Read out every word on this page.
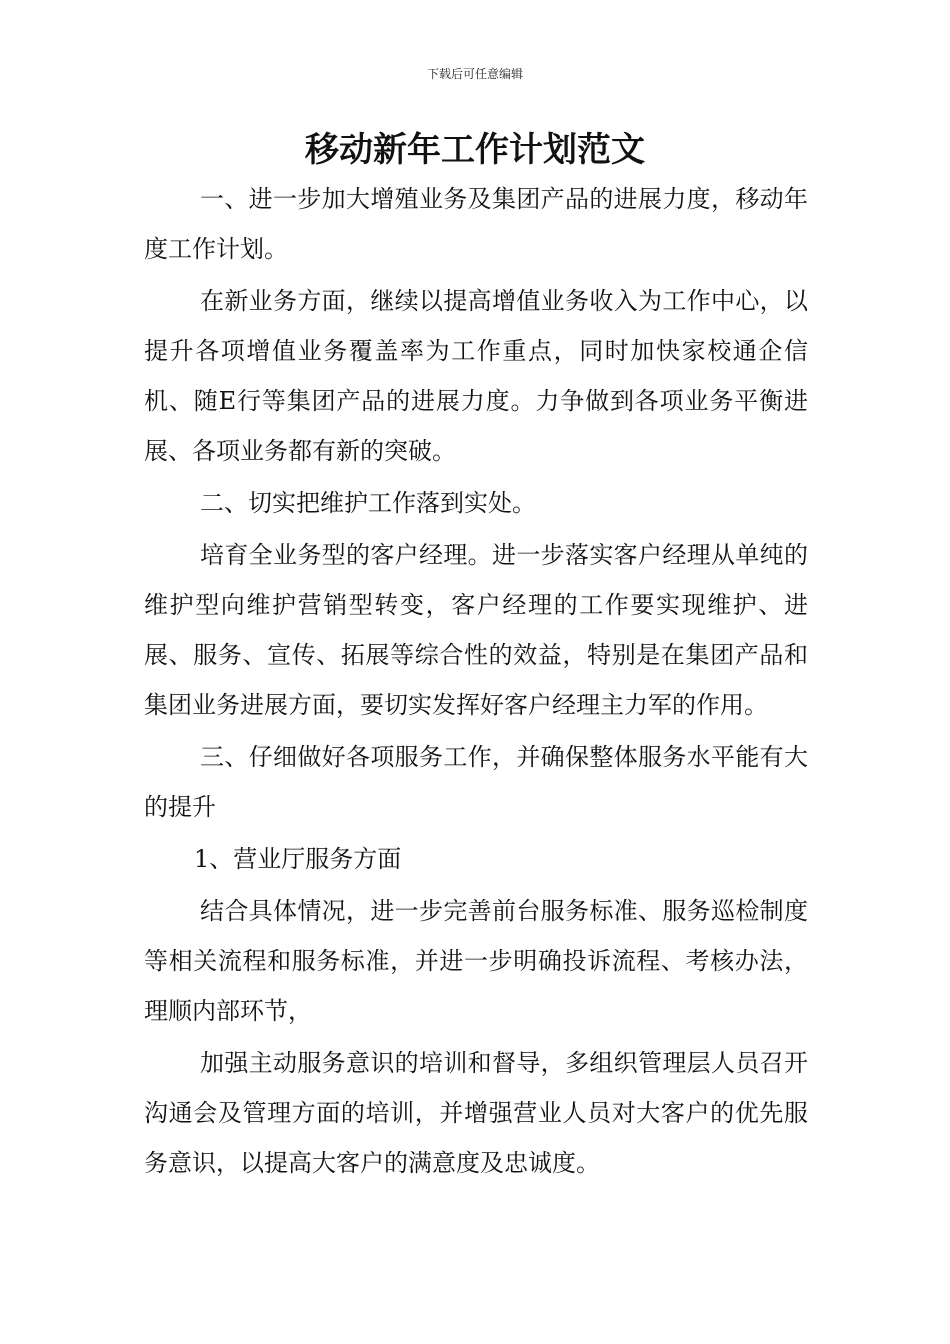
下载后可任意编辑
移动新年工作计划范文

一、进一步加大增殖业务及集团产品的进展力度，移动年度工作计划。

在新业务方面，继续以提高增值业务收入为工作中心，以提升各项增值业务覆盖率为工作重点，同时加快家校通企信机、随E行等集团产品的进展力度。力争做到各项业务平衡进展、各项业务都有新的突破。

二、切实把维护工作落到实处。

培育全业务型的客户经理。进一步落实客户经理从单纯的维护型向维护营销型转变，客户经理的工作要实现维护、进展、服务、宣传、拓展等综合性的效益，特别是在集团产品和集团业务进展方面，要切实发挥好客户经理主力军的作用。

三、仔细做好各项服务工作，并确保整体服务水平能有大的提升

1、营业厅服务方面

结合具体情况，进一步完善前台服务标准、服务巡检制度等相关流程和服务标准，并进一步明确投诉流程、考核办法，理顺内部环节，

加强主动服务意识的培训和督导，多组织管理层人员召开沟通会及管理方面的培训，并增强营业人员对大客户的优先服务意识，以提高大客户的满意度及忠诚度。
